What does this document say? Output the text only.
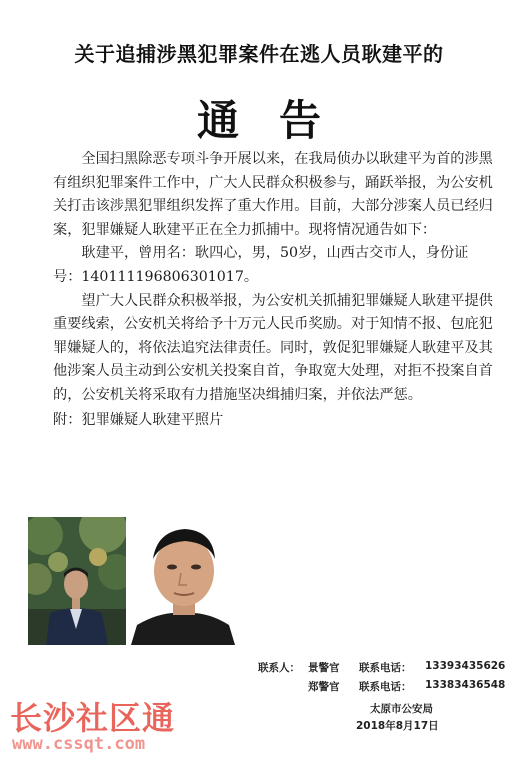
关于追捕涉黑犯罪案件在逃人员耿建平的
通告

全国扫黑除恶专项斗争开展以来，在我局侦办以耿建平为首的涉黑有组织犯罪案件工作中，广大人民群众积极参与，踊跃举报，为公安机关打击该涉黑犯罪组织发挥了重大作用。目前，大部分涉案人员已经归案，犯罪嫌疑人耿建平正在全力抓捕中。现将情况通告如下：

耿建平，曾用名：耿四心，男，50岁，山西古交市人，身份证号：140111196806301017。

望广大人民群众积极举报，为公安机关抓捕犯罪嫌疑人耿建平提供重要线索，公安机关将给予十万元人民币奖励。对于知情不报、包庇犯罪嫌疑人的，将依法追究法律责任。同时，敦促犯罪嫌疑人耿建平及其他涉案人员主动到公安机关投案自首，争取宽大处理，对拒不投案自首的，公安机关将采取有力措施坚决缉捕归案，并依法严惩。

附：犯罪嫌疑人耿建平照片

联系人： 景警官 联系电话： 13393435626
郑警官 联系电话： 13383436548
太原市公安局
2018年8月17日
长沙社区通
www.cssqt.com
